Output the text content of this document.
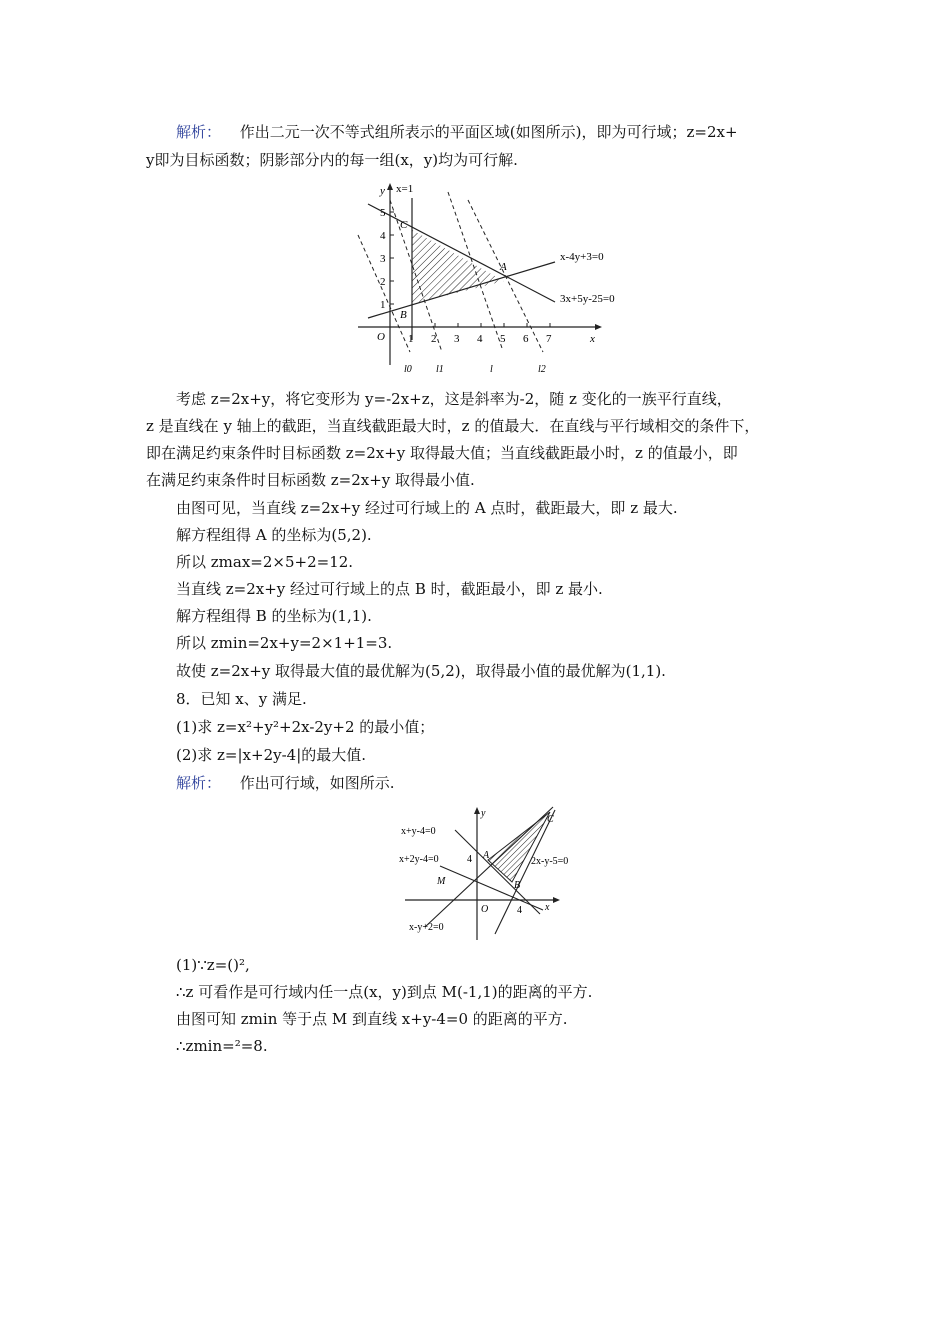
解析： 作出二元一次不等式组所表示的平面区域(如图所示)，即为可行域；z=2x+
y即为目标函数；阴影部分内的每一组(x，y)均为可行解.
x=1
y
x
O
C
A
B
x-4y+3=0
3x+5y-25=0
1 2 3 4 5 6 7
1
2
3
4
5
l0 l1	l	l2
考虑 z=2x+y，将它变形为 y=-2x+z，这是斜率为-2，随 z 变化的一族平行直线，
z 是直线在 y 轴上的截距，当直线截距最大时，z 的值最大．在直线与平行域相交的条件下，
即在满足约束条件时目标函数 z=2x+y 取得最大值；当直线截距最小时，z 的值最小，即
在满足约束条件时目标函数 z=2x+y 取得最小值.
由图可见，当直线 z=2x+y 经过可行域上的 A 点时，截距最大，即 z 最大.
解方程组得 A 的坐标为(5,2).
所以 zmax=2×5+2=12.
当直线 z=2x+y 经过可行域上的点 B 时，截距最小，即 z 最小.
解方程组得 B 的坐标为(1,1).
所以 zmin=2x+y=2×1+1=3.
故使 z=2x+y 取得最大值的最优解为(5,2)，取得最小值的最优解为(1,1).
8．已知 x、y 满足.
(1)求 z=x²+y²+2x-2y+2 的最小值；
(2)求 z=|x+2y-4|的最大值.
解析： 作出可行域，如图所示.
y
x
O	4
4 A
B
C
M
x+y-4=0
x+2y-4=0	2x-y-5=0
x-y+2=0
(1)∵z=()²,
∴z 可看作是可行域内任一点(x，y)到点 M(-1,1)的距离的平方.
由图可知 zmin 等于点 M 到直线 x+y-4=0 的距离的平方.
∴zmin=²=8.
